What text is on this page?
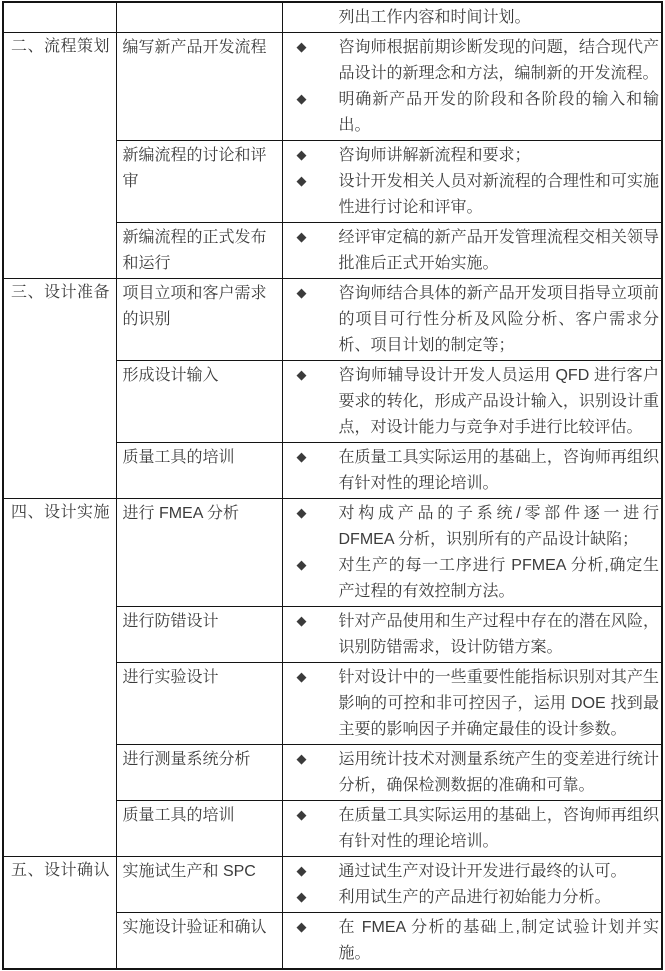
		列出工作内容和时间计划。

二、流程策划	编写新产品开发流程	◆ 咨询师根据前期诊断发现的问题，结合现代产品设计的新理念和方法，编制新的开发流程。
◆ 明确新产品开发的阶段和各阶段的输入和输出。

	新编流程的讨论和评审	◆ 咨询师讲解新流程和要求；
◆ 设计开发相关人员对新流程的合理性和可实施性进行讨论和评审。

	新编流程的正式发布和运行	◆ 经评审定稿的新产品开发管理流程交相关领导批准后正式开始实施。

三、设计准备	项目立项和客户需求的识别	◆ 咨询师结合具体的新产品开发项目指导立项前的项目可行性分析及风险分析、客户需求分析、项目计划的制定等；

	形成设计输入	◆ 咨询师辅导设计开发人员运用 QFD 进行客户要求的转化，形成产品设计输入，识别设计重点，对设计能力与竞争对手进行比较评估。

	质量工具的培训	◆ 在质量工具实际运用的基础上，咨询师再组织有针对性的理论培训。

四、设计实施	进行 FMEA 分析	◆ 对构成产品的子系统/零部件逐一进行 DFMEA 分析，识别所有的产品设计缺陷；
◆ 对生产的每一工序进行 PFMEA 分析,确定生产过程的有效控制方法。

	进行防错设计	◆ 针对产品使用和生产过程中存在的潜在风险，识别防错需求，设计防错方案。

	进行实验设计	◆ 针对设计中的一些重要性能指标识别对其产生影响的可控和非可控因子，运用 DOE 找到最主要的影响因子并确定最佳的设计参数。

	进行测量系统分析	◆ 运用统计技术对测量系统产生的变差进行统计分析，确保检测数据的准确和可靠。

	质量工具的培训	◆ 在质量工具实际运用的基础上，咨询师再组织有针对性的理论培训。

五、设计确认	实施试生产和 SPC	◆ 通过试生产对设计开发进行最终的认可。
◆ 利用试生产的产品进行初始能力分析。

	实施设计验证和确认	◆ 在 FMEA 分析的基础上,制定试验计划并实施。
